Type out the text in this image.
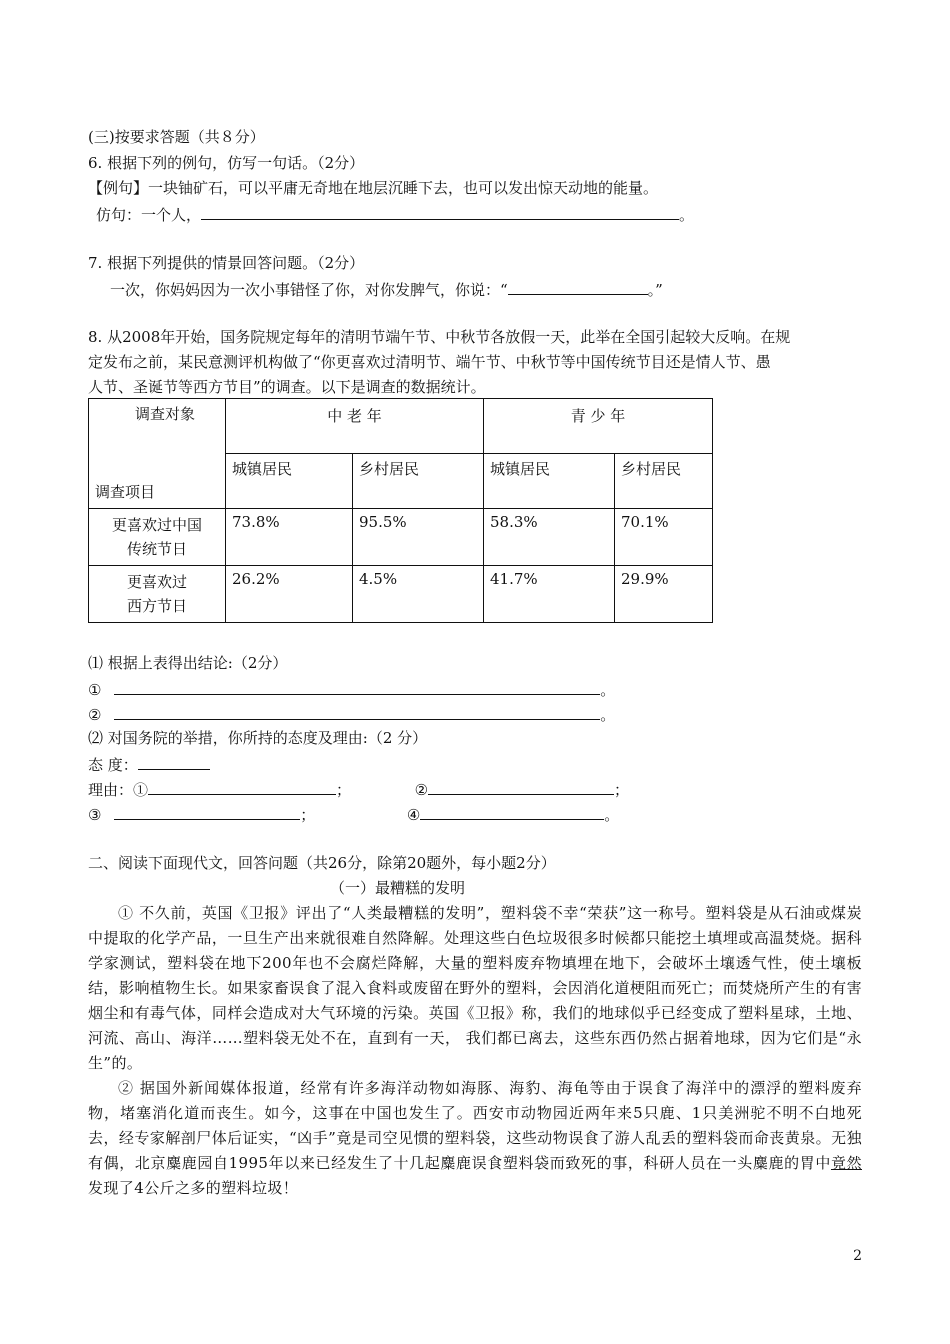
(三)按要求答题（共８分）
6. 根据下列的例句，仿写一句话。（2分）
【例句】一块铀矿石，可以平庸无奇地在地层沉睡下去，也可以发出惊天动地的能量。
仿句：一个人，	。
7. 根据下列提供的情景回答问题。（2分）
一次，你妈妈因为一次小事错怪了你，对你发脾气，你说：“	。”
8. 从2008年开始，国务院规定每年的清明节端午节、中秋节各放假一天，此举在全国引起较大反响。在规
定发布之前，某民意测评机构做了“你更喜欢过清明节、端午节、中秋节等中国传统节目还是情人节、愚
人节、圣诞节等西方节目”的调查。以下是调查的数据统计。
调查对象
调查项目	中 老 年		青 少 年	
	城镇居民	乡村居民	城镇居民	乡村居民

更喜欢过中国
传统节日	73.8%	95.5%	58.3%	70.1%

更喜欢过
西方节日	26.2%	4.5%	41.7%	29.9%
⑴ 根据上表得出结论:（2分）
①	。
②	。
⑵ 对国务院的举措，你所持的态度及理由:（2 分）
态 度：
理由：①	；	②	；
③	；	④	。
二、阅读下面现代文，回答问题（共26分，除第20题外，每小题2分）
（一）最糟糕的发明
① 不久前，英国《卫报》评出了“人类最糟糕的发明”，塑料袋不幸“荣获”这一称号。塑料袋是从石油或煤炭中提取的化学产品，一旦生产出来就很难自然降解。处理这些白色垃圾很多时候都只能挖土填埋或高温焚烧。据科学家测试，塑料袋在地下200年也不会腐烂降解，大量的塑料废弃物填埋在地下，会破坏土壤透气性，使土壤板结，影响植物生长。如果家畜误食了混入食料或废留在野外的塑料，会因消化道梗阻而死亡；而焚烧所产生的有害烟尘和有毒气体，同样会造成对大气环境的污染。英国《卫报》称，我们的地球似乎已经变成了塑料星球，土地、河流、高山、海洋……塑料袋无处不在，直到有一天， 我们都已离去，这些东西仍然占据着地球，因为它们是“永生”的。
② 据国外新闻媒体报道，经常有许多海洋动物如海豚、海豹、海龟等由于误食了海洋中的漂浮的塑料废弃物，堵塞消化道而丧生。如今，这事在中国也发生了。西安市动物园近两年来5只鹿、1只美洲驼不明不白地死去，经专家解剖尸体后证实，“凶手”竟是司空见惯的塑料袋，这些动物误食了游人乱丢的塑料袋而命丧黄泉。无独有偶，北京麋鹿园自1995年以来已经发生了十几起麋鹿误食塑料袋而致死的事，科研人员在一头麋鹿的胃中竟然发现了4公斤之多的塑料垃圾！
2
